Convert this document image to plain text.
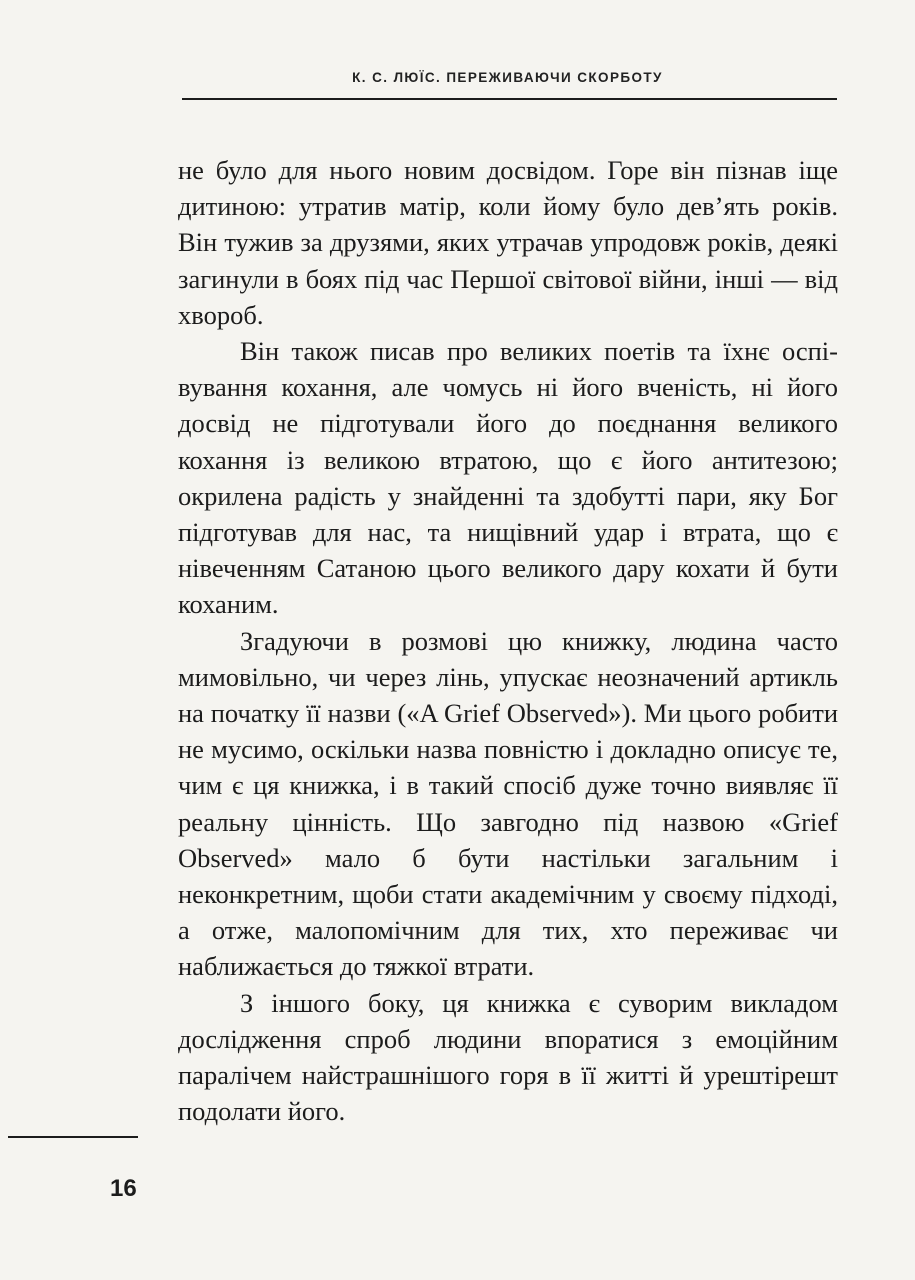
К. С. ЛЮЇС. ПЕРЕЖИВАЮЧИ СКОРБОТУ

не було для нього новим досвідом. Горе він пізнав іще дитиною: утратив матір, коли йому було дев’ять років. Він тужив за друзями, яких утрачав упродовж років, деякі загинули в боях під час Першої світової війни, інші — від хвороб.

Він також писав про великих поетів та їхнє оспівування кохання, але чомусь ні його вченість, ні його досвід не підготували його до поєднання великого кохання із великою втратою, що є його антитезою; окрилена радість у знайденні та здобутті пари, яку Бог підготував для нас, та нищівний удар і втрата, що є нівеченням Сатаною цього великого дару кохати й бути коханим.

Згадуючи в розмові цю книжку, людина часто мимовільно, чи через лінь, упускає неозначений артикль на початку її назви («A Grief Observed»). Ми цього робити не мусимо, оскільки назва повністю і докладно описує те, чим є ця книжка, і в такий спосіб дуже точно виявляє її реальну цінність. Що завгодно під назвою «Grief Observed» мало б бути настільки загальним і неконкретним, щоби стати академічним у своєму підході, а отже, малопомічним для тих, хто переживає чи наближається до тяжкої втрати.

З іншого боку, ця книжка є суворим викладом дослідження спроб людини впоратися з емоційним паралічем найстрашнішого горя в її житті й урештірешт подолати його.

16
